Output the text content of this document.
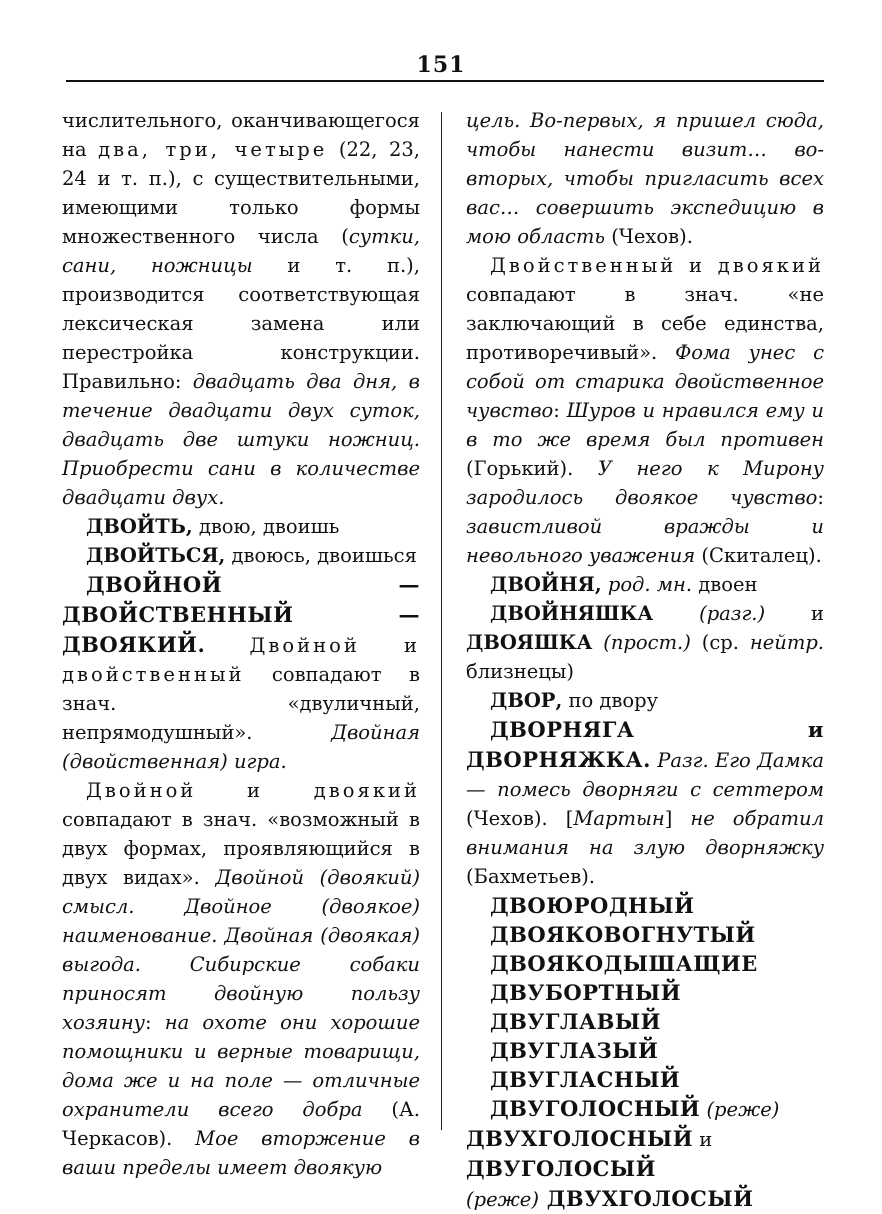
151

числительного, оканчивающегося на два, три, четыре (22, 23, 24 и т. п.), с существительными, имеющими только формы множественного числа (сутки, сани, ножницы и т. п.), производится соответствующая лексическая замена или перестройка конструкции. Правильно: двадцать два дня, в течение двадцати двух суток, двадцать две штуки ножниц. Приобрести сани в количестве двадцати двух.

ДВОЙТЬ, двою, двоишь

ДВОЙТЬСЯ, двоюсь, двоишься

ДВОЙНОЙ — ДВОЙСТВЕННЫЙ — ДВОЯКИЙ. Двойной и двойственный совпадают в знач. «двуличный, непрямодушный». Двойная (двойственная) игра.

Двойной и двоякий совпадают в знач. «возможный в двух формах, проявляющийся в двух видах». Двойной (двоякий) смысл. Двойное (двоякое) наименование. Двойная (двоякая) выгода. Сибирские собаки приносят двойную пользу хозяину: на охоте они хорошие помощники и верные товарищи, дома же и на поле — отличные охранители всего добра (А. Черкасов). Мое вторжение в ваши пределы имеет двоякую

цель. Во-первых, я пришел сюда, чтобы нанести визит… во-вторых, чтобы пригласить всех вас… совершить экспедицию в мою область (Чехов).

Двойственный и двоякий совпадают в знач. «не заключающий в себе единства, противоречивый». Фома унес с собой от старика двойственное чувство: Шуров и нравился ему и в то же время был противен (Горький). У него к Мирону зародилось двоякое чувство: завистливой вражды и невольного уважения (Скиталец).

ДВОЙНЯ, род. мн. двоен

ДВОЙНЯШКА (разг.) и ДВОЯШКА (прост.) (ср. нейтр. близнецы)

ДВОР, по двору

ДВОРНЯГА и ДВОРНЯЖКА. Разг. Его Дамка — помесь дворняги с сеттером (Чехов). [Мартын] не обратил внимания на злую дворняжку (Бахметьев).

ДВОЮРОДНЫЙ

ДВОЯКОВОГНУТЫЙ

ДВОЯКОДЫШАЩИЕ

ДВУБОРТНЫЙ

ДВУГЛАВЫЙ

ДВУГЛАЗЫЙ

ДВУГЛАСНЫЙ

ДВУГОЛОСНЫЙ (реже) ДВУХГОЛОСНЫЙ и ДВУГОЛОСЫЙ
(реже) ДВУХГОЛОСЫЙ
